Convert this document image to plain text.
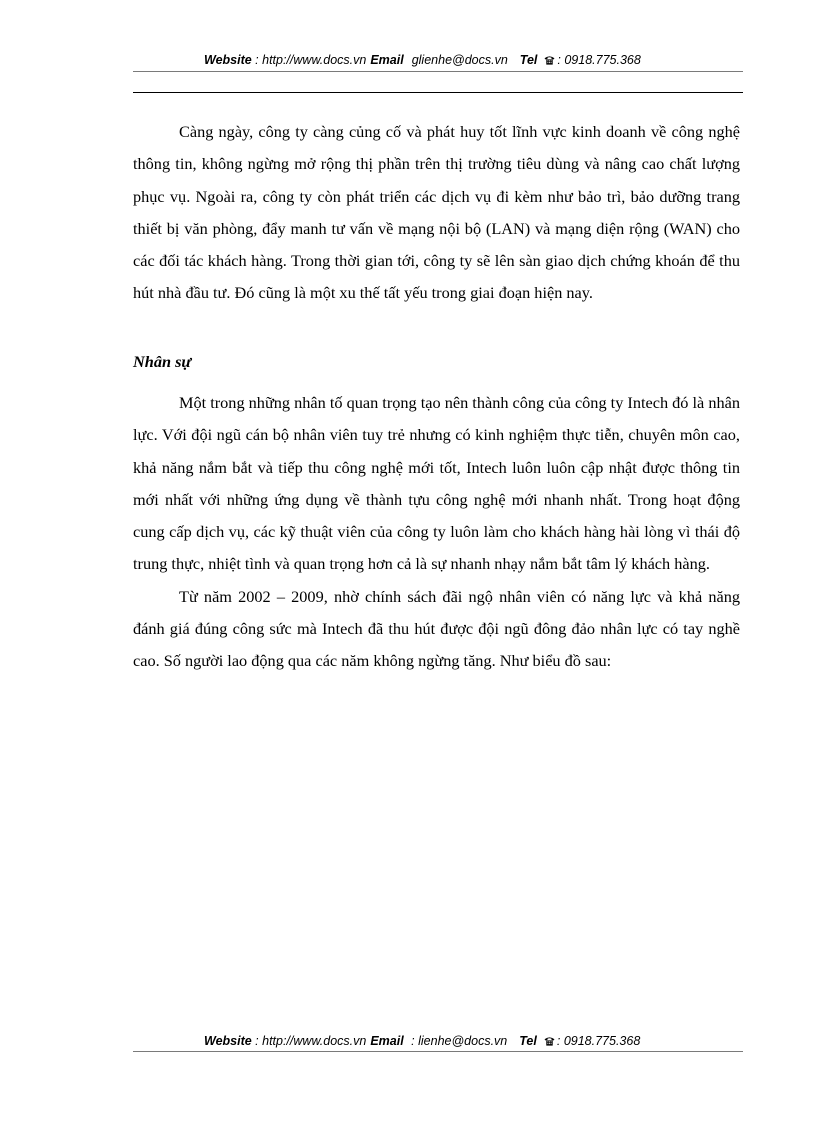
Website : http://www.docs.vn Email glienhe@docs.vn Tel : 0918.775.368

Càng ngày, công ty càng củng cố và phát huy tốt lĩnh vực kinh doanh về công nghệ thông tin, không ngừng mở rộng thị phần trên thị trường tiêu dùng và nâng cao chất lượng phục vụ. Ngoài ra, công ty còn phát triển các dịch vụ đi kèm như bảo trì, bảo dưỡng trang thiết bị văn phòng, đẩy manh tư vấn về mạng nội bộ (LAN) và mạng diện rộng (WAN) cho các đối tác khách hàng. Trong thời gian tới, công ty sẽ lên sàn giao dịch chứng khoán để thu hút nhà đầu tư. Đó cũng là một xu thế tất yếu trong giai đoạn hiện nay.

Nhân sự

Một trong những nhân tố quan trọng tạo nên thành công của công ty Intech đó là nhân lực. Với đội ngũ cán bộ nhân viên tuy trẻ nhưng có kinh nghiệm thực tiễn, chuyên môn cao, khả năng nắm bắt và tiếp thu công nghệ mới tốt, Intech luôn luôn cập nhật được thông tin mới nhất với những ứng dụng về thành tựu công nghệ mới nhanh nhất. Trong hoạt động cung cấp dịch vụ, các kỹ thuật viên của công ty luôn làm cho khách hàng hài lòng vì thái độ trung thực, nhiệt tình và quan trọng hơn cả là sự nhanh nhạy nắm bắt tâm lý khách hàng.

Từ năm 2002 – 2009, nhờ chính sách đãi ngộ nhân viên có năng lực và khả năng đánh giá đúng công sức mà Intech đã thu hút được đội ngũ đông đảo nhân lực có tay nghề cao. Số người lao động qua các năm không ngừng tăng. Như biểu đồ sau:

Website : http://www.docs.vn Email : lienhe@docs.vn Tel : 0918.775.368
